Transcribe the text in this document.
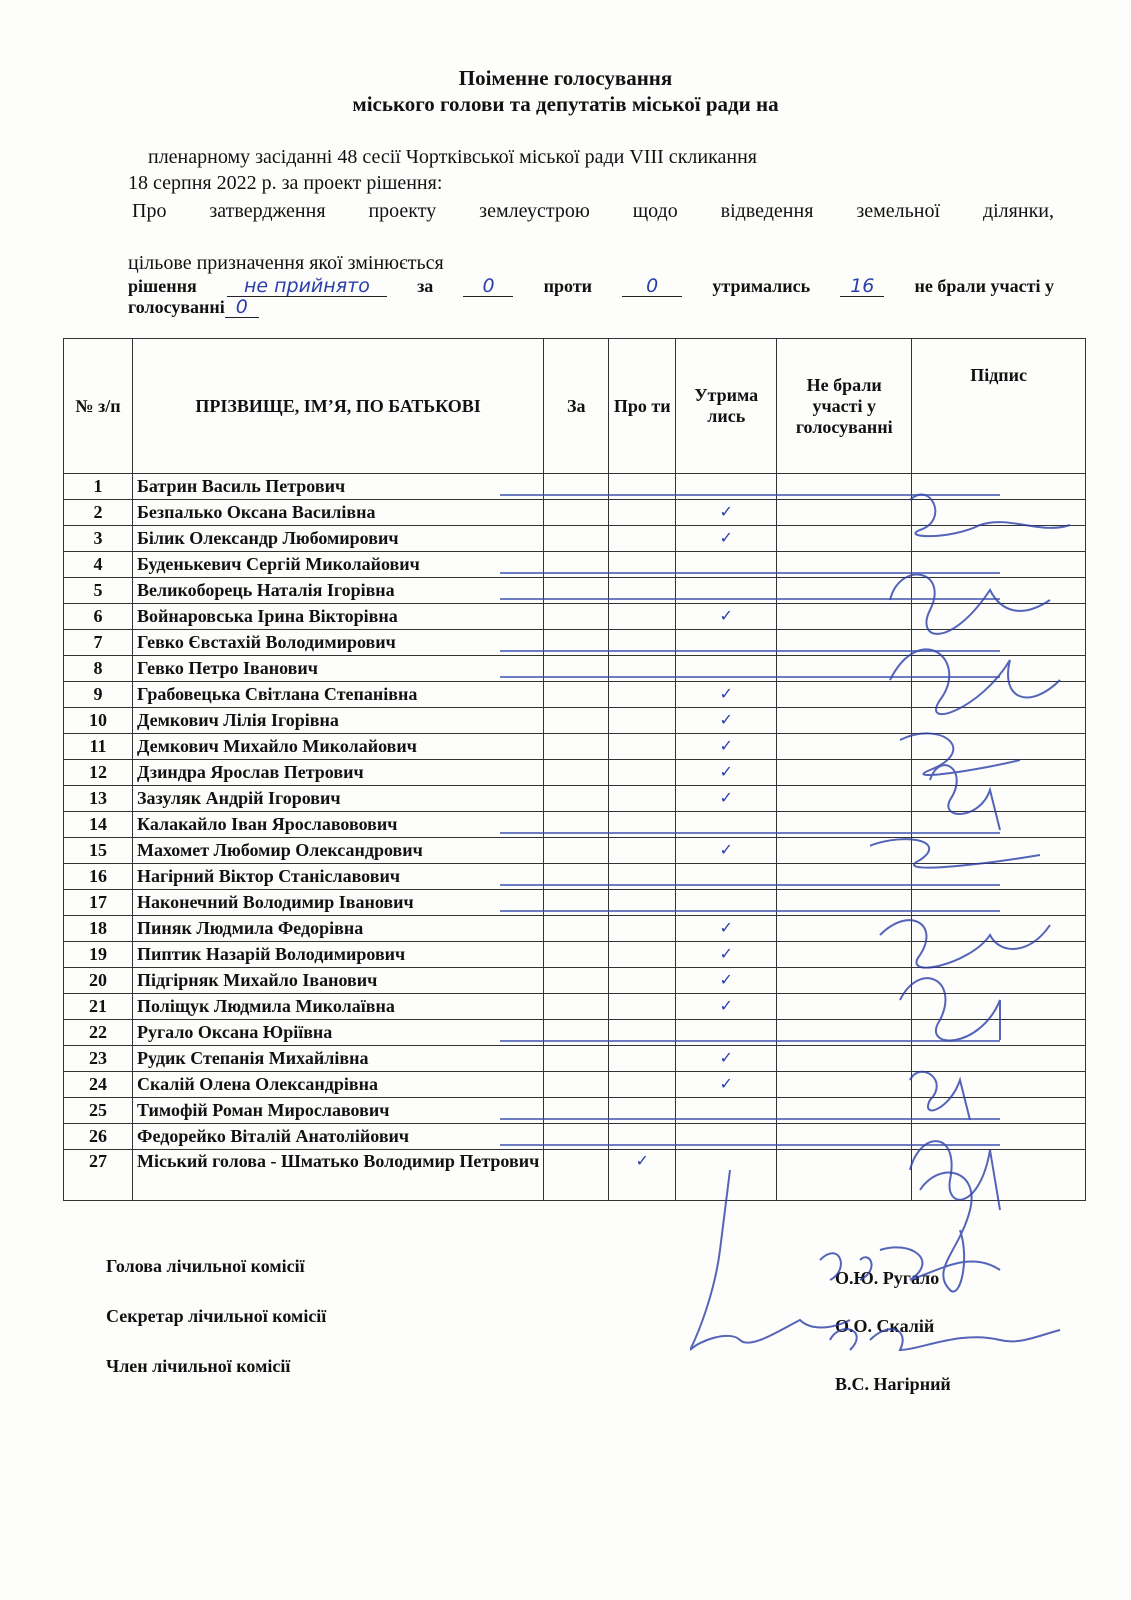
Поіменне голосування
міського голови та депутатів міської ради на
пленарному засіданні 48 сесії Чортківської міської ради VIII скликання
18 серпня 2022 р. за проект рішення:
Про затвердження проекту землеустрою щодо відведення земельної ділянки,
цільове призначення якої змінюється
рішення	не прийнято	за	0	проти	0	утримались	16	не брали участі у
голосуванні 0
№ з/п	ПРІЗВИЩЕ, ІМ’Я, ПО БАТЬКОВІ	За	Про ти	Утрима лись	Не брали участі у голосуванні	Підпис
1	Батрин Василь Петрович					
2	Безпалько Оксана Василівна			✓		
3	Білик Олександр Любомирович			✓		
4	Буденькевич Сергій Миколайович					
5	Великоборець Наталія Ігорівна					
6	Войнаровська Ірина Вікторівна			✓		
7	Гевко Євстахій Володимирович					
8	Гевко Петро Іванович					
9	Грабовецька Світлана Степанівна			✓		
10	Демкович Лілія Ігорівна			✓		
11	Демкович Михайло Миколайович			✓		
12	Дзиндра Ярослав Петрович			✓		
13	Зазуляк Андрій Ігорович			✓		
14	Калакайло Іван Ярославовович					
15	Махомет Любомир Олександрович			✓		
16	Нагірний Віктор Станіславович					
17	Наконечний Володимир Іванович					
18	Пиняк Людмила Федорівна			✓		
19	Пиптик Назарій Володимирович			✓		
20	Підгірняк Михайло Іванович			✓		
21	Поліщук Людмила Миколаївна			✓		
22	Ругало Оксана Юріївна					
23	Рудик Степанія Михайлівна			✓		
24	Скалій Олена Олександрівна			✓		
25	Тимофій Роман Мирославович					
26	Федорейко Віталій Анатолійович					
27	Міський голова - Шматько Володимир Петрович		✓			
Голова лічильної комісії
О.Ю. Ругало
Секретар лічильної комісії	О.О. Скалій
Член лічильної комісії
В.С. Нагірний
